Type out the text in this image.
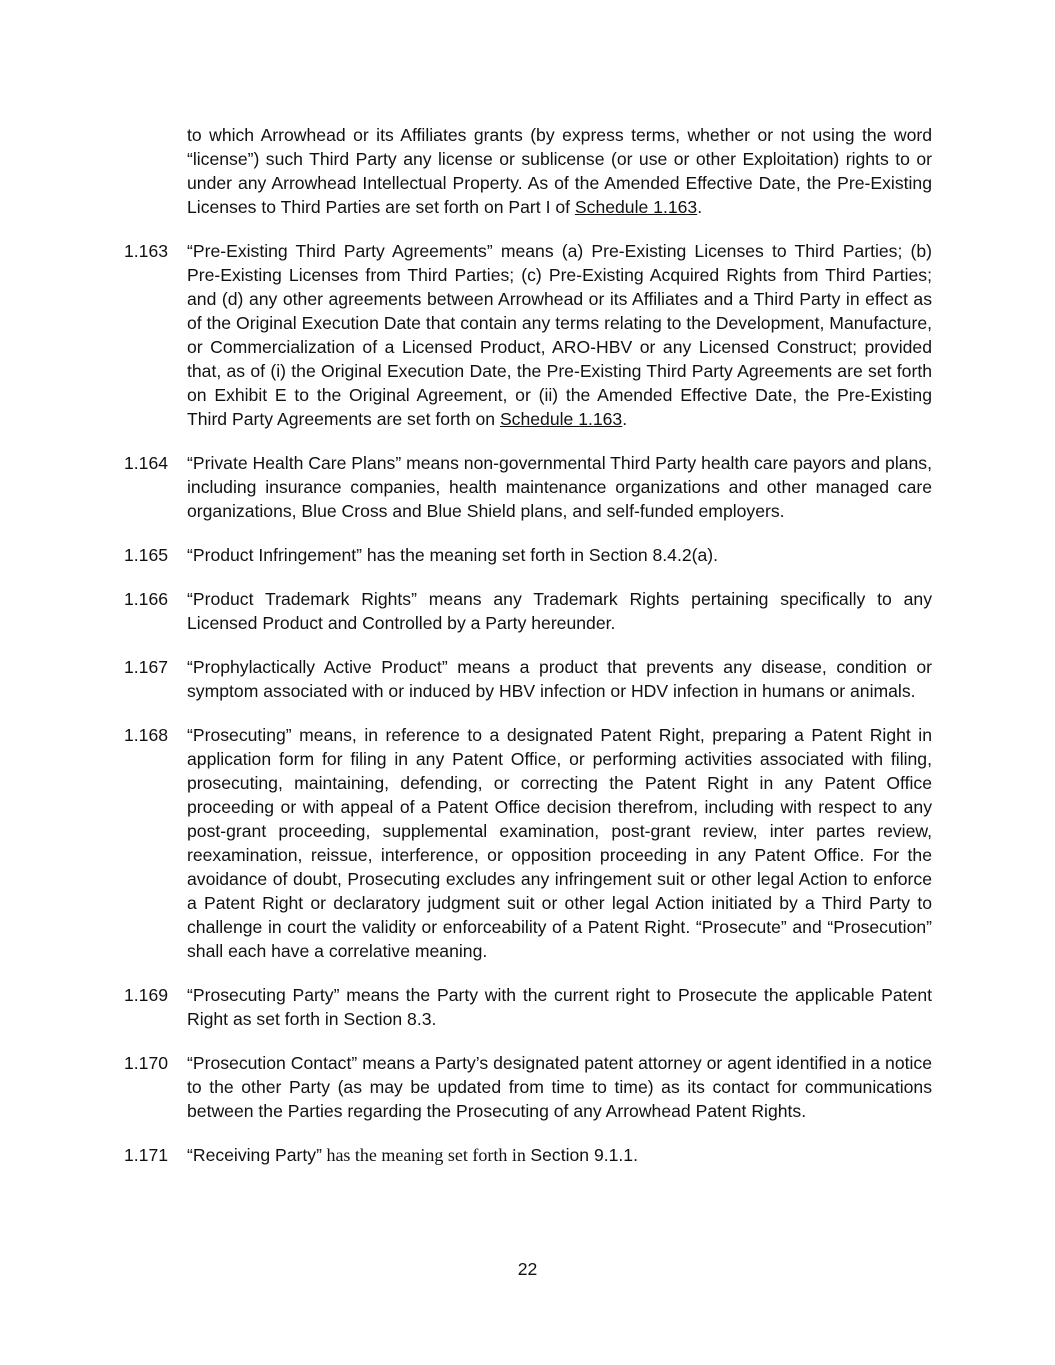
to which Arrowhead or its Affiliates grants (by express terms, whether or not using the word “license”) such Third Party any license or sublicense (or use or other Exploitation) rights to or under any Arrowhead Intellectual Property. As of the Amended Effective Date, the Pre-Existing Licenses to Third Parties are set forth on Part I of Schedule 1.163.

1.163	“Pre-Existing Third Party Agreements” means (a) Pre-Existing Licenses to Third Parties; (b) Pre-Existing Licenses from Third Parties; (c) Pre-Existing Acquired Rights from Third Parties; and (d) any other agreements between Arrowhead or its Affiliates and a Third Party in effect as of the Original Execution Date that contain any terms relating to the Development, Manufacture, or Commercialization of a Licensed Product, ARO-HBV or any Licensed Construct; provided that, as of (i) the Original Execution Date, the Pre-Existing Third Party Agreements are set forth on Exhibit E to the Original Agreement, or (ii) the Amended Effective Date, the Pre-Existing Third Party Agreements are set forth on Schedule 1.163.
1.164	“Private Health Care Plans” means non-governmental Third Party health care payors and plans, including insurance companies, health maintenance organizations and other managed care organizations, Blue Cross and Blue Shield plans, and self-funded employers.
1.165	“Product Infringement” has the meaning set forth in Section 8.4.2(a).
1.166	“Product Trademark Rights” means any Trademark Rights pertaining specifically to any Licensed Product and Controlled by a Party hereunder.
1.167	“Prophylactically Active Product” means a product that prevents any disease, condition or symptom associated with or induced by HBV infection or HDV infection in humans or animals.
1.168	“Prosecuting” means, in reference to a designated Patent Right, preparing a Patent Right in application form for filing in any Patent Office, or performing activities associated with filing, prosecuting, maintaining, defending, or correcting the Patent Right in any Patent Office proceeding or with appeal of a Patent Office decision therefrom, including with respect to any post-grant proceeding, supplemental examination, post-grant review, inter partes review, reexamination, reissue, interference, or opposition proceeding in any Patent Office. For the avoidance of doubt, Prosecuting excludes any infringement suit or other legal Action to enforce a Patent Right or declaratory judgment suit or other legal Action initiated by a Third Party to challenge in court the validity or enforceability of a Patent Right. “Prosecute” and “Prosecution” shall each have a correlative meaning.
1.169	“Prosecuting Party” means the Party with the current right to Prosecute the applicable Patent Right as set forth in Section 8.3.
1.170	“Prosecution Contact” means a Party’s designated patent attorney or agent identified in a notice to the other Party (as may be updated from time to time) as its contact for communications between the Parties regarding the Prosecuting of any Arrowhead Patent Rights.
1.171	“Receiving Party” has the meaning set forth in Section 9.1.1.
22
